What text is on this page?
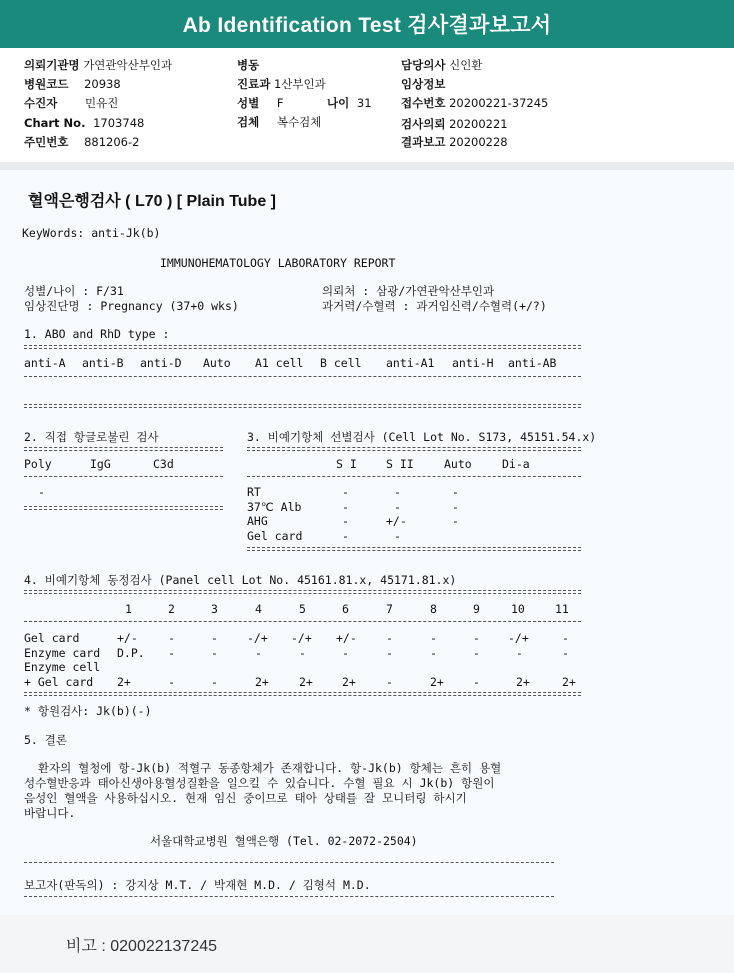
Ab Identification Test 검사결과보고서
의뢰기관명 가연관악산부인과
병원코드 20938
수진자 민유진
Chart No. 1703748
주민번호 881206-2
병동
진료과 1산부인과
성별 F	나이 31
검체 복수검체
담당의사 신인환
임상정보
접수번호 20200221-37245
검사의뢰 20200221
결과보고 20200228
혈액은행검사 ( L70 ) [ Plain Tube ]
KeyWords: anti-Jk(b)
IMMUNOHEMATOLOGY LABORATORY REPORT
성별/나이 : F/31
임상진단명 : Pregnancy (37+0 wks)
의뢰처 : 삼광/가연관악산부인과
과거력/수혈력 : 과거임신력/수혈력(+/?)
1. ABO and RhD type :
anti-A anti-B anti-D Auto A1 cell B cell anti-A1 anti-H anti-AB
2. 직접 항글로불린 검사
Poly	IgG	C3d
-
3. 비예기항체 선별검사 (Cell Lot No. S173, 45151.54.x)
S I	S II	Auto	Di-a
RT	-	-	-
37℃ Alb	-	-	-
AHG	-	+/-	-
Gel card	-	-
4. 비예기항체 동정검사 (Panel cell Lot No. 45161.81.x, 45171.81.x)
1	2	3	4	5	6	7	8	9	10	11
Gel card	+/-	-	-	-/+ -/+ +/-	-	-	- -/+	-
Enzyme card D.P. -	-	-	-	-	-	-	-	-	-
Enzyme cell
+ Gel card 2+	-	-	2+	2+	2+	-	2+	-	2+	2+
* 항원검사: Jk(b)(-)
5. 결론
환자의 혈청에 항-Jk(b) 적혈구 동종항체가 존재합니다. 항-Jk(b) 항체는 흔히 용혈
성수혈반응과 태아신생아용혈성질환을 일으킬 수 있습니다. 수혈 필요 시 Jk(b) 항원이
음성인 혈액을 사용하십시오. 현재 임신 중이므로 태아 상태를 잘 모니터링 하시기
바랍니다.
서울대학교병원 혈액은행 (Tel. 02-2072-2504)
보고자(판독의) : 강지상 M.T. / 박재현 M.D. / 김형석 M.D.
비고 : 020022137245
